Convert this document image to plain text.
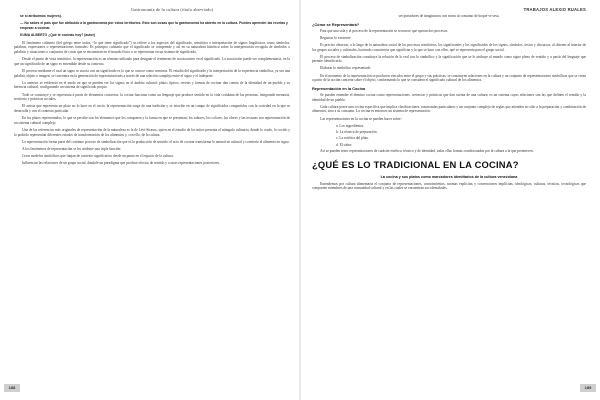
Gastronomía de la cultura (título abreviado)
se sí atribuimos mujeres).
— No sabes el país que fue atribuido a la gastronomía por estos territorios. Esto son cosas que la gastronomía ha abierto en la cultura. Puedes aprender las recetas y empezar a cocinar.
KUMA ALBERTO ¿Qué te cocinas hoy? (autor)

El fenómeno culinario (del griego entre todos, “lo que tiene significado”) se refiere a los aspectos del significado, semiótico e interpretación de signos lingüísticos como símbolos, palabras, expresiones o representaciones formales. Es principio culinario que el significado se comprende y así en su naturaleza histórica sobre la interpretación recogida de símbolos o palabras y situaciones o conjuntos de cosas que se encuentran en el mundo físico o se representan en un sistema de significado.

Desde el punto de vista semiótico, la representación es un término utilizado para designar el fenómeno de asociaciones en el significado. La asociación puede ser complementaria, en la que un significado de un signo es entendido desde su contexto.

El proceso mediante el cual un signo se asocia con un significado es lo que se conoce como semiosis. El estudio del significado y la interpretación de la experiencia simbólica, ya sea una palabra, objeto o imagen, se concentra en la generación de representaciones a través de una relación compleja entre el signo y el intérprete.

Lo anterior se evidencia en el modo en que se pueden ver los signos en el ámbito cultural: platos típicos, recetas y formas de cocinar dan cuenta de la identidad de un pueblo y su herencia cultural, configurando un sistema de significado propio.

Todo se construye y se representa a partir de elementos concretos: la cocina funciona como un lenguaje que produce sentido en la vida cotidiana de las personas, integrando memoria, territorio y prácticas sociales.

El artista que representa un plato no lo hace en el vacío: la representación surge de una tradición y se inscribe en un campo de significados compartidos con la sociedad en la que se desarrolla y con el contexto particular.

En los platos representados, lo que se percibe son los elementos que los componen y la forma en que se presentan; los sabores, los colores, los olores y las texturas son representación de un sistema cultural complejo.

Una de las referencias más originales de representación de la naturaleza es la de Lévi-Strauss, quien en el estudio de los mitos presenta el triángulo culinario, donde lo crudo, lo cocido y lo podrido representan diferentes estados de transformación de los alimentos y, con ello, de la cultura.

La representación forma parte del continuo proceso de simbolización que es la producción de sentido: el acto de cocinar transforma lo natural en cultural y convierte el alimento en signo.

A los fenómenos de representación se les atribuye una triple función:

Crear modelos simbólicos que funjan de contexto significativo desde un punto en el espacio de la cultura.

Influenciar las relaciones de un grupo social, dándole un paradigma que produce efectos de sentido y a otras representaciones posteriores.

188
TRABAJOS ALEXIO RUALES

ser portadores de imaginarios con miras al consumo de hoque ve sesa.

¿Cómo se Representará?

Para que una sola y el proceso de la representación se reconoce que operan dos procesos:

Registrar lo existente

Es preciso observar, a lo largo de la naturaleza social de los procesos semióticos, los significantes y los significados de los signos, símbolos, textos y discursos, al obtener al interior de los grupos sociales y culturales, haciendo consciencia que significan y lo que se hace con ellos, qué se representa para el grupo social.

El proceso de simbolización constituye la relación de lo real con lo simbólico y la significación que se le atribuye al mundo como signo pleno de sentido y a partir del lenguaje que permite identificarlo.

Elaborar lo simbólico representado

En el momento de la representación se producen vínculos entre el grupo y sus prácticas; se construyen relaciones en la cultura y un conjunto de representaciones simbólicas que se crean a partir de la acción concreta sobre el objeto, conformando lo que se considera el significado cultural de los alimentos.

Representación en la Cocina

Se pueden entender el término cocina como representaciones, creencias y prácticas que dan cuenta de una cultura; es un sistema cuyas relaciones son las que definen el sentido y la identidad de un pueblo.

Cada cultura posee una cocina específica que implica clasificaciones, taxonomías particulares y un conjunto complejo de reglas que atienden no sólo a la preparación y combinación de alimentos, sino a su consumo. La cocina es entonces un sistema de representación.

Las representaciones en la cocina se pueden hacer sobre:

a. Los ingredientes.
b. La técnica de preparación.
c. La estética del plato.
d. El sabor.

Así se pueden tener representaciones de carácter estético, técnico y de identidad, todas ellas formas condicionadas por la cultura a la que pertenecen.

¿QUÉ ES LO TRADICIONAL EN LA COCINA?
La cocina y sus platos como marcadores identitarios de la cultura venezolana

Entendemos por cultura alimentaria el conjunto de representaciones, conocimientos, normas explícitas y convenciones implícitas, ideológicas, culturas, técnicas, tecnológicas que comparten miembros de una comunidad cultural y en las cuales se encuentran sus identidades.

189
